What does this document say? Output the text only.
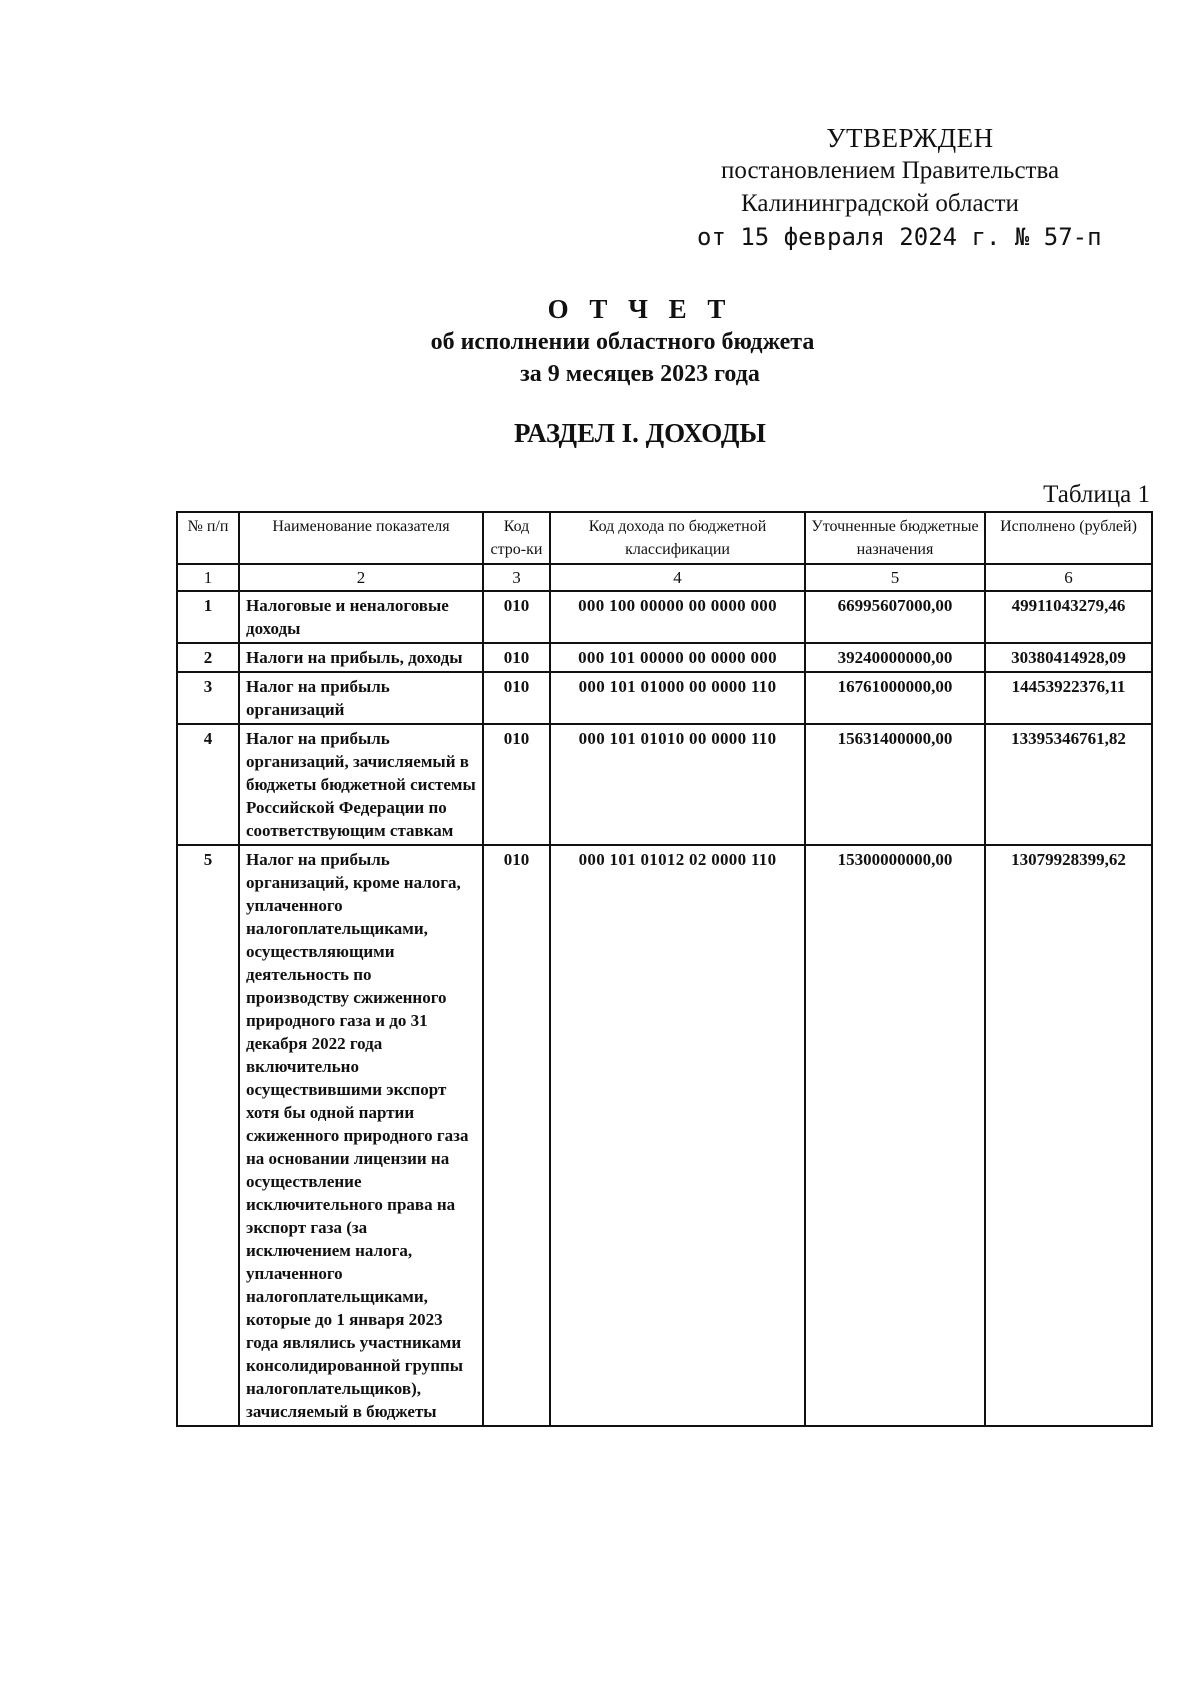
УТВЕРЖДЕН
постановлением Правительства
Калининградской области
от 15 февраля 2024 г. № 57-п
О Т Ч Е Т
об исполнении областного бюджета
за 9 месяцев 2023 года
РАЗДЕЛ I. ДОХОДЫ
Таблица 1
№ п/п	Наименование показателя	Код стро-ки	Код дохода по бюджетной классификации	Уточненные бюджетные назначения	Исполнено (рублей)
1	2	3	4	5	6
1	Налоговые и неналоговые доходы	010	000 100 00000 00 0000 000	66995607000,00	49911043279,46
2	Налоги на прибыль, доходы	010	000 101 00000 00 0000 000	39240000000,00	30380414928,09
3	Налог на прибыль организаций	010	000 101 01000 00 0000 110	16761000000,00	14453922376,11
4	Налог на прибыль организаций, зачисляемый в бюджеты бюджетной системы Российской Федерации по соответствующим ставкам	010	000 101 01010 00 0000 110	15631400000,00	13395346761,82
5	Налог на прибыль организаций, кроме налога, уплаченного налогоплательщиками, осуществляющими деятельность по производству сжиженного природного газа и до 31 декабря 2022 года включительно осуществившими экспорт хотя бы одной партии сжиженного природного газа на основании лицензии на осуществление исключительного права на экспорт газа (за исключением налога, уплаченного налогоплательщиками, которые до 1 января 2023 года являлись участниками консолидированной группы налогоплательщиков), зачисляемый в бюджеты	010	000 101 01012 02 0000 110	15300000000,00	13079928399,62
